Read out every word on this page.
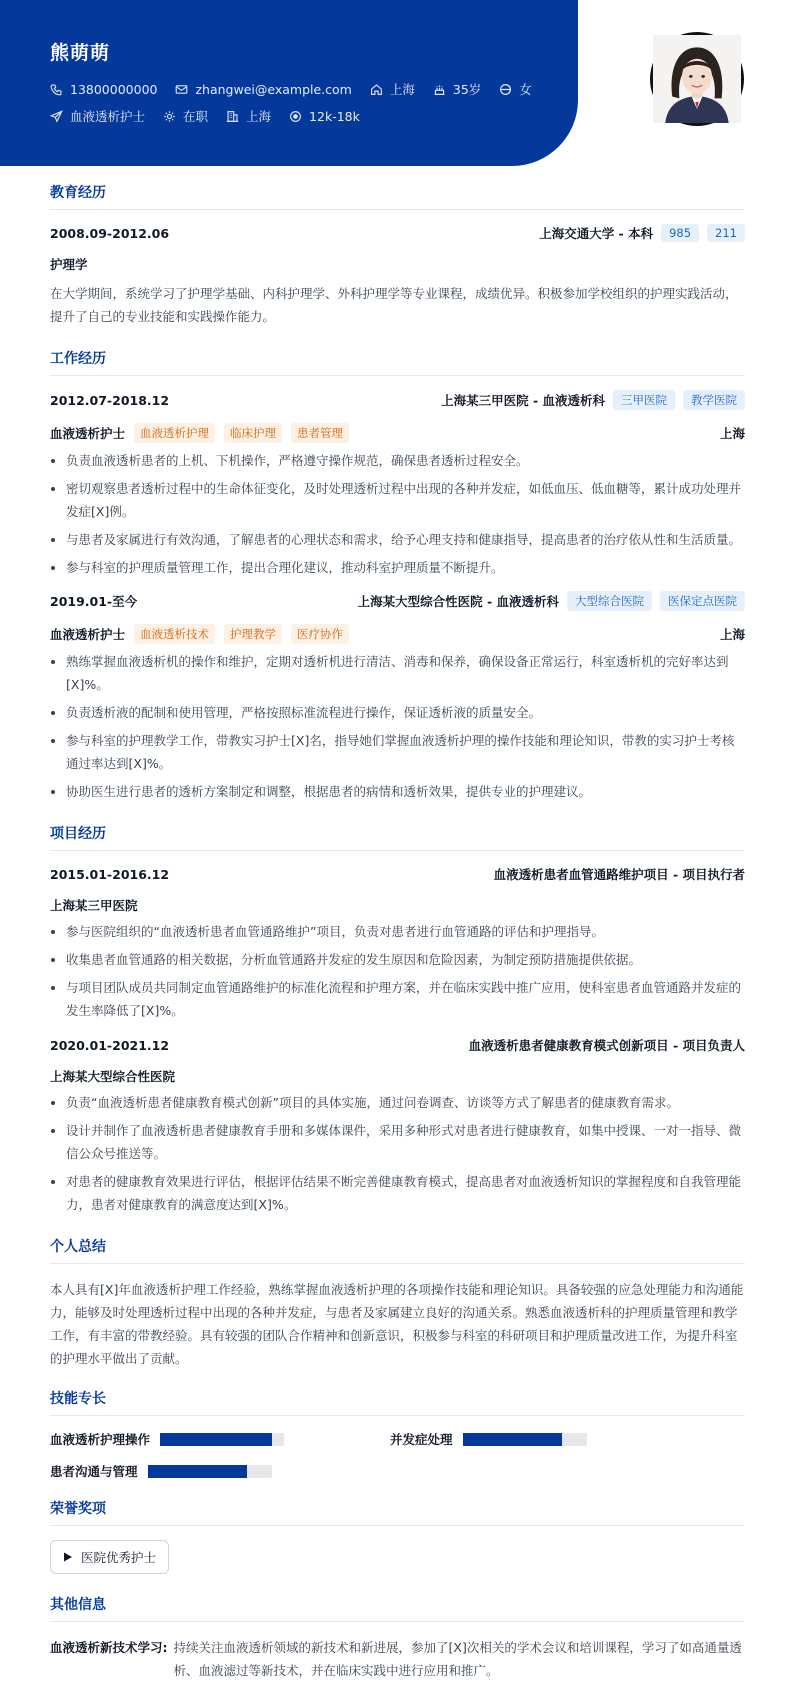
熊萌萌
13800000000	zhangwei@example.com	上海	35岁	女
血液透析护士	在职	上海	12k-18k
教育经历
2008.09-2012.06	上海交通大学 - 本科	985	211
护理学
在大学期间，系统学习了护理学基础、内科护理学、外科护理学等专业课程，成绩优异。积极参加学校组织的护理实践活动，提升了自己的专业技能和实践操作能力。
工作经历
2012.07-2018.12	上海某三甲医院 - 血液透析科	三甲医院	教学医院
血液透析护士	血液透析护理	临床护理	患者管理	上海
负责血液透析患者的上机、下机操作，严格遵守操作规范，确保患者透析过程安全。
密切观察患者透析过程中的生命体征变化，及时处理透析过程中出现的各种并发症，如低血压、低血糖等，累计成功处理并发症[X]例。
与患者及家属进行有效沟通，了解患者的心理状态和需求，给予心理支持和健康指导，提高患者的治疗依从性和生活质量。
参与科室的护理质量管理工作，提出合理化建议，推动科室护理质量不断提升。
2019.01-至今	上海某大型综合性医院 - 血液透析科	大型综合医院	医保定点医院
血液透析护士	血液透析技术	护理教学	医疗协作	上海
熟练掌握血液透析机的操作和维护，定期对透析机进行清洁、消毒和保养，确保设备正常运行，科室透析机的完好率达到[X]%。
负责透析液的配制和使用管理，严格按照标准流程进行操作，保证透析液的质量安全。
参与科室的护理教学工作，带教实习护士[X]名，指导她们掌握血液透析护理的操作技能和理论知识，带教的实习护士考核通过率达到[X]%。
协助医生进行患者的透析方案制定和调整，根据患者的病情和透析效果，提供专业的护理建议。
项目经历
2015.01-2016.12	血液透析患者血管通路维护项目 - 项目执行者
上海某三甲医院
参与医院组织的“血液透析患者血管通路维护”项目，负责对患者进行血管通路的评估和护理指导。
收集患者血管通路的相关数据，分析血管通路并发症的发生原因和危险因素，为制定预防措施提供依据。
与项目团队成员共同制定血管通路维护的标准化流程和护理方案，并在临床实践中推广应用，使科室患者血管通路并发症的发生率降低了[X]%。
2020.01-2021.12	血液透析患者健康教育模式创新项目 - 项目负责人
上海某大型综合性医院
负责“血液透析患者健康教育模式创新”项目的具体实施，通过问卷调查、访谈等方式了解患者的健康教育需求。
设计并制作了血液透析患者健康教育手册和多媒体课件，采用多种形式对患者进行健康教育，如集中授课、一对一指导、微信公众号推送等。
对患者的健康教育效果进行评估，根据评估结果不断完善健康教育模式，提高患者对血液透析知识的掌握程度和自我管理能力，患者对健康教育的满意度达到[X]%。
个人总结
本人具有[X]年血液透析护理工作经验，熟练掌握血液透析护理的各项操作技能和理论知识。具备较强的应急处理能力和沟通能力，能够及时处理透析过程中出现的各种并发症，与患者及家属建立良好的沟通关系。熟悉血液透析科的护理质量管理和教学工作，有丰富的带教经验。具有较强的团队合作精神和创新意识，积极参与科室的科研项目和护理质量改进工作，为提升科室的护理水平做出了贡献。
技能专长
血液透析护理操作	并发症处理
患者沟通与管理
荣誉奖项
医院优秀护士
其他信息
血液透析新技术学习: 持续关注血液透析领域的新技术和新进展，参加了[X]次相关的学术会议和培训课程，学习了如高通量透析、血液滤过等新技术，并在临床实践中进行应用和推广。
